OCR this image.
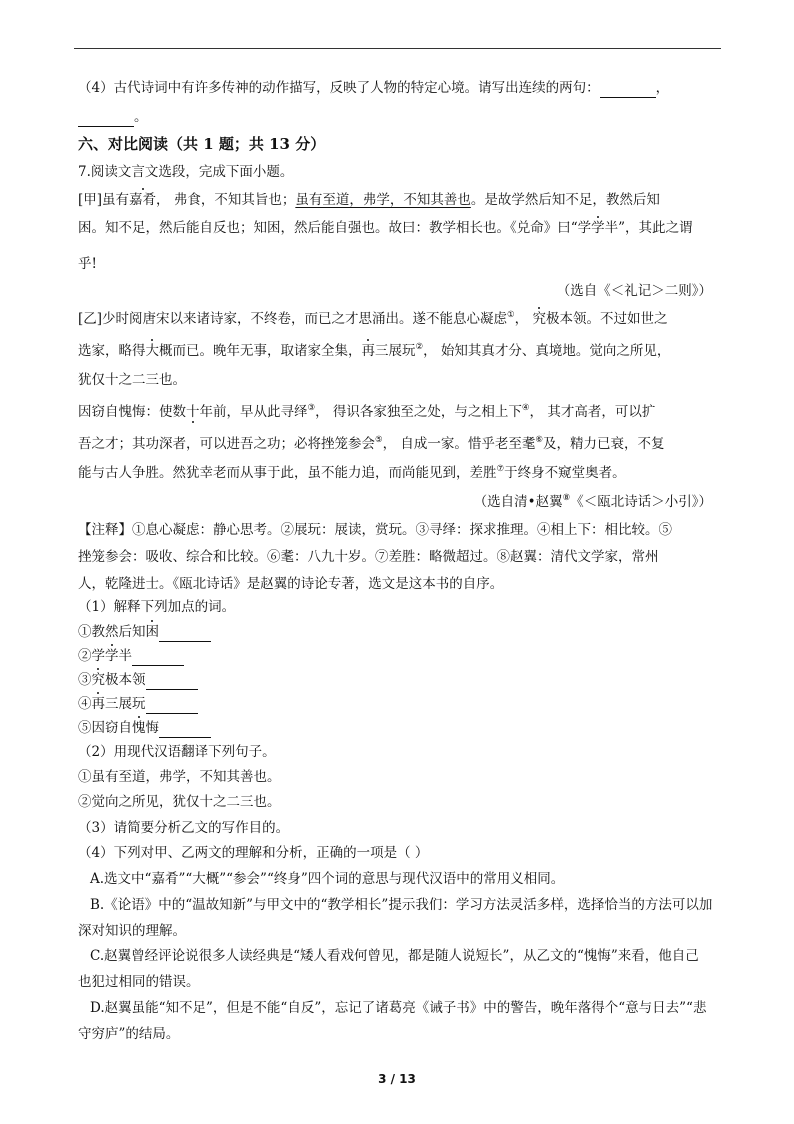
（4）古代诗词中有许多传神的动作描写，反映了人物的特定心境。请写出连续的两句：	，
。
六、对比阅读（共 1 题；共 13 分）
7.阅读文言文选段，完成下面小题。
[甲]虽有嘉肴， 弗食，不知其旨也；虽有至道，弗学，不知其善也。是故学然后知不足，教然后知
困。知不足，然后能自反也；知困，然后能自强也。故曰：教学相长也。《兑命》曰“学学半”，其此之谓
乎!
（选自《＜礼记＞二则》）
[乙]少时阅唐宋以来诸诗家，不终卷，而已之才思涌出。遂不能息心凝虑①， 究极本领。不过如世之
选家，略得大概而已。晚年无事，取诸家全集，再三展玩②， 始知其真才分、真境地。觉向之所见，
犹仅十之二三也。
因窃自愧悔：使数十年前，早从此寻绎③， 得识各家独至之处，与之相上下④， 其才高者，可以扩
吾之才；其功深者，可以进吾之功；必将挫笼参会⑤， 自成一家。惜乎老至耄⑥及，精力已衰，不复
能与古人争胜。然犹幸老而从事于此，虽不能力追，而尚能见到，差胜⑦于终身不窥堂奥者。
（选自清•赵翼⑧《＜瓯北诗话＞小引》）
【注释】①息心凝虑：静心思考。②展玩：展读，赏玩。③寻绎：探求推理。④相上下：相比较。⑤
挫笼参会：吸收、综合和比较。⑥耄：八九十岁。⑦差胜：略微超过。⑧赵翼：清代文学家，常州
人，乾隆进士。《瓯北诗话》是赵翼的诗论专著，选文是这本书的自序。
（1）解释下列加点的词。
①教然后知困
②学学半
③究极本领
④再三展玩
⑤因窃自愧悔
（2）用现代汉语翻译下列句子。
①虽有至道，弗学，不知其善也。
②觉向之所见，犹仅十之二三也。
（3）请简要分析乙文的写作目的。
（4）下列对甲、乙两文的理解和分析，正确的一项是（ ）
A.选文中“嘉肴”“大概”“参会”“终身”四个词的意思与现代汉语中的常用义相同。
B.《论语》中的“温故知新”与甲文中的“教学相长”提示我们：学习方法灵活多样，选择恰当的方法可以加
深对知识的理解。
C.赵翼曾经评论说很多人读经典是“矮人看戏何曾见，都是随人说短长”，从乙文的“愧悔”来看，他自己
也犯过相同的错误。
D.赵翼虽能“知不足”，但是不能“自反”，忘记了诸葛亮《诫子书》中的警告，晚年落得个“意与日去”“悲
守穷庐”的结局。
3 / 13
